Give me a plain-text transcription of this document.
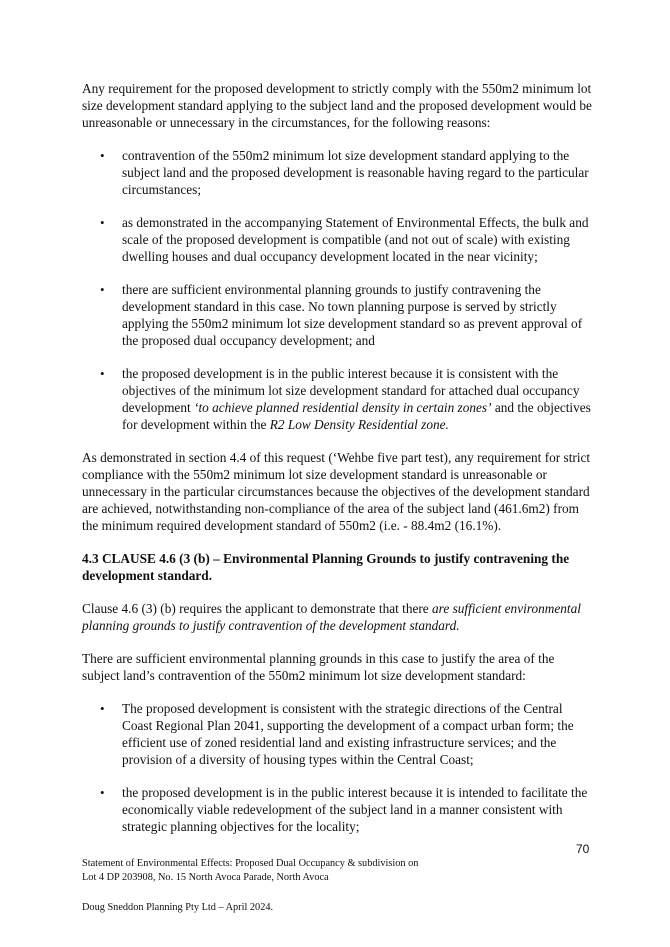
Any requirement for the proposed development to strictly comply with the 550m2 minimum lot size development standard applying to the subject land and the proposed development would be unreasonable or unnecessary in the circumstances, for the following reasons:

• contravention of the 550m2 minimum lot size development standard applying to the subject land and the proposed development is reasonable having regard to the particular circumstances;
• as demonstrated in the accompanying Statement of Environmental Effects, the bulk and scale of the proposed development is compatible (and not out of scale) with existing dwelling houses and dual occupancy development located in the near vicinity;
• there are sufficient environmental planning grounds to justify contravening the development standard in this case. No town planning purpose is served by strictly applying the 550m2 minimum lot size development standard so as prevent approval of the proposed dual occupancy development; and
• the proposed development is in the public interest because it is consistent with the objectives of the minimum lot size development standard for attached dual occupancy development ‘to achieve planned residential density in certain zones’ and the objectives for development within the R2 Low Density Residential zone.

As demonstrated in section 4.4 of this request (‘Wehbe five part test), any requirement for strict compliance with the 550m2 minimum lot size development standard is unreasonable or unnecessary in the particular circumstances because the objectives of the development standard are achieved, notwithstanding non-compliance of the area of the subject land (461.6m2) from the minimum required development standard of 550m2 (i.e. - 88.4m2 (16.1%).

4.3 CLAUSE 4.6 (3 (b) – Environmental Planning Grounds to justify contravening the development standard.

Clause 4.6 (3) (b) requires the applicant to demonstrate that there are sufficient environmental planning grounds to justify contravention of the development standard.

There are sufficient environmental planning grounds in this case to justify the area of the subject land’s contravention of the 550m2 minimum lot size development standard:

• The proposed development is consistent with the strategic directions of the Central Coast Regional Plan 2041, supporting the development of a compact urban form; the efficient use of zoned residential land and existing infrastructure services; and the provision of a diversity of housing types within the Central Coast;
• the proposed development is in the public interest because it is intended to facilitate the economically viable redevelopment of the subject land in a manner consistent with strategic planning objectives for the locality;
70
Statement of Environmental Effects: Proposed Dual Occupancy & subdivision on
Lot 4 DP 203908, No. 15 North Avoca Parade, North Avoca
Doug Sneddon Planning Pty Ltd – April 2024.
